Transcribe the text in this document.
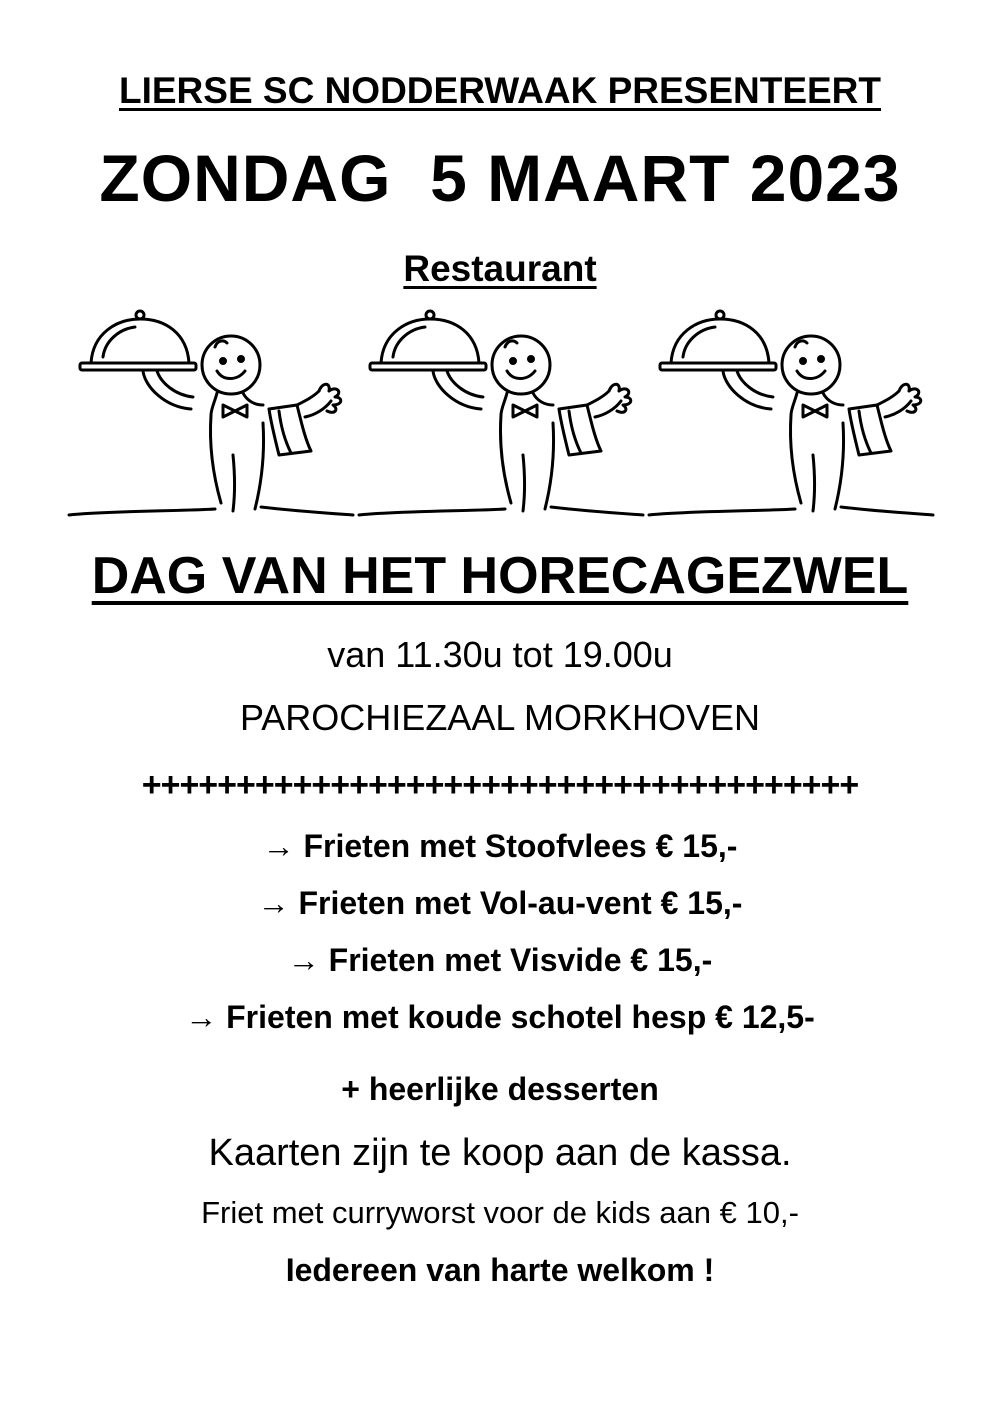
LIERSE SC NODDERWAAK PRESENTEERT
ZONDAG  5 MAART 2023
Restaurant
DAG VAN HET HORECAGEZWEL
van 11.30u tot 19.00u
PAROCHIEZAAL MORKHOVEN
++++++++++++++++++++++++++++++++++++++
→ Frieten met Stoofvlees € 15,-
→ Frieten met Vol-au-vent € 15,-
→ Frieten met Visvide € 15,-
→ Frieten met koude schotel hesp € 12,5-
+ heerlijke desserten
Kaarten zijn te koop aan de kassa.
Friet met curryworst voor de kids aan € 10,-
Iedereen van harte welkom !
